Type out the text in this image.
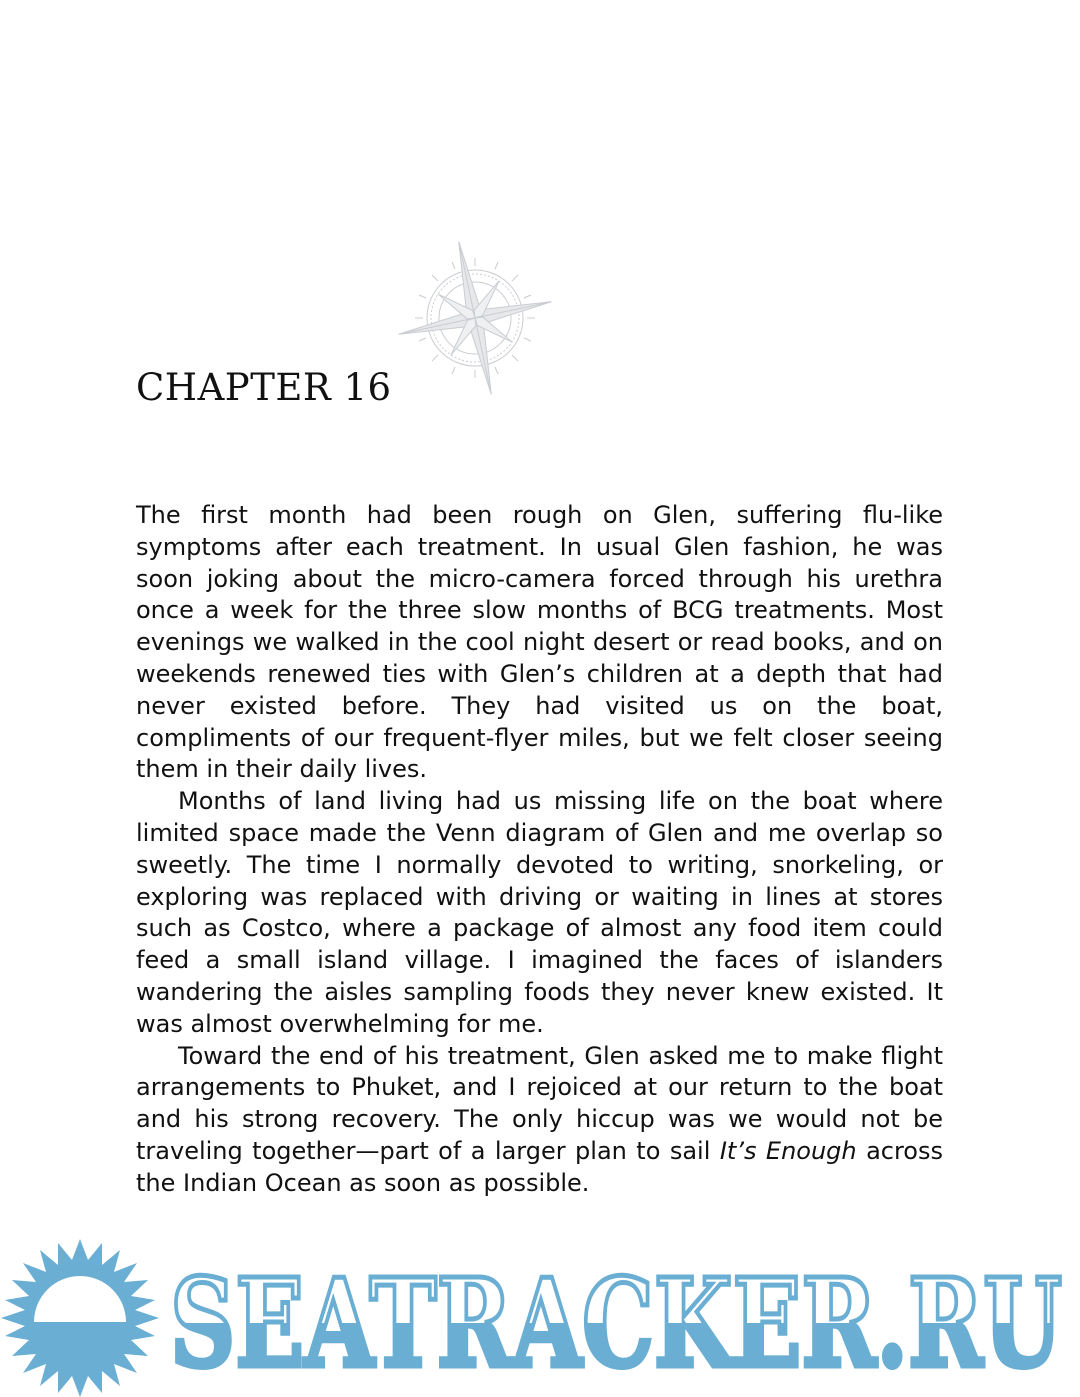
CHAPTER 16

The first month had been rough on Glen, suffering flu-like symptoms after each treatment. In usual Glen fashion, he was soon joking about the micro-camera forced through his urethra once a week for the three slow months of BCG treatments. Most evenings we walked in the cool night desert or read books, and on weekends renewed ties with Glen’s children at a depth that had never existed before. They had visited us on the boat, compliments of our frequent-flyer miles, but we felt closer seeing them in their daily lives.

Months of land living had us missing life on the boat where limited space made the Venn diagram of Glen and me overlap so sweetly. The time I normally devoted to writing, snorkeling, or exploring was replaced with driving or waiting in lines at stores such as Costco, where a package of almost any food item could feed a small island village. I imagined the faces of islanders wandering the aisles sampling foods they never knew existed. It was almost overwhelming for me.

Toward the end of his treatment, Glen asked me to make flight arrangements to Phuket, and I rejoiced at our return to the boat and his strong recovery. The only hiccup was we would not be traveling together—part of a larger plan to sail It’s Enough across the Indian Ocean as soon as possible.

SEATRACKER.RU
